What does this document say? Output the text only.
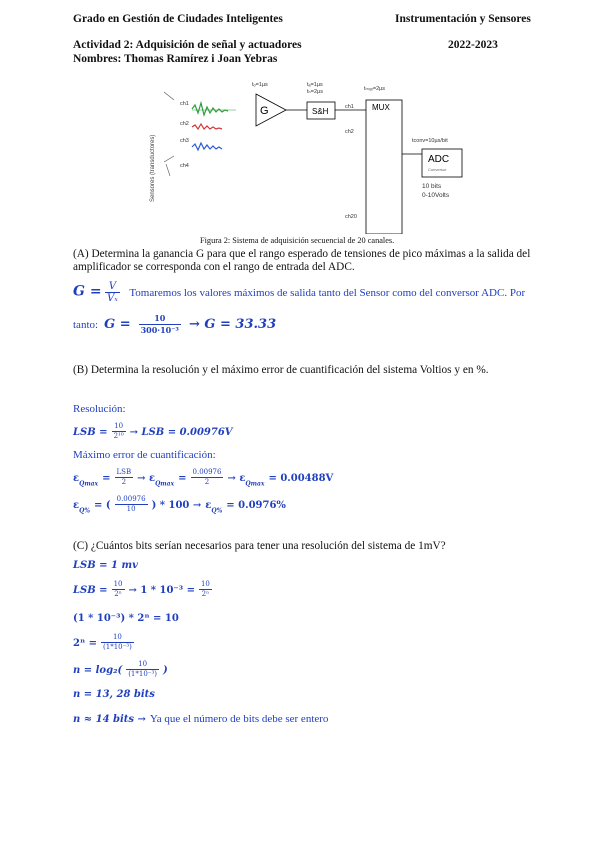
Grado en Gestión de Ciudades Inteligentes	Instrumentación y Sensores
Actividad 2: Adquisición de señal y actuadores	2022-2023
Nombres: Thomas Ramírez i Joan Yebras
Sensores (transductores)
ch1
ch2
ch3
ch4
G
tₒ=1µs
S&H
tₐ=1µs
tₕ=2µs
MUX
tₘᵤₓ=2µs
ch1
ch2
ch20
ADC
Conversor
tconv=10µs/bit
10 bits
0-10Volts
Figura 2: Sistema de adquisición secuencial de 20 canales.
(A) Determina la ganancia G para que el rango esperado de tensiones de pico máximas a la salida del
amplificador se corresponda con el rango de entrada del ADC.
$G = \frac{V}{\text{Vₓ}}$ Tomaremos los valores máximos de salida tanto del Sensor como del conversor ADC. Por
tanto: $G = \frac{10}{\text{300·10⁻³}} \to G = 33.33$
(B) Determina la resolución y el máximo error de cuantificación del sistema Voltios y en %.
Resolución:
LSB = $\frac{10}{\text{2¹⁰}}$ → LSB = 0.00976V
Máximo error de cuantificación:
$\varepsilon_{Qmax} = \frac{\text{LSB}}{2} \to \varepsilon_{Qmax} = \frac{0.00976}{2} \to \varepsilon_{Qmax} = 0.00488V$
$\varepsilon_{Q\%}$ = ( $\frac{0.00976}{10}$ ) * $100 \to \varepsilon_{Q\%} = 0.0976\%$
(C) ¿Cuántos bits serían necesarios para tener una resolución del sistema de 1mV?
LSB = 1 mv
LSB = $\frac{10}{\text{2ⁿ}} \to 1 * 10^{-3} = \frac{10}{\text{2ⁿ}}$
(1 * 10⁻³) * 2ⁿ = 10
$2^n = \frac{10}{\text{(1*10⁻³)}}$
$n = \log_2( \frac{10}{\text{(1*10⁻³)}}$ )
n = 13, 28 bits
n ≈ 14 bits → Ya que el número de bits debe ser entero
